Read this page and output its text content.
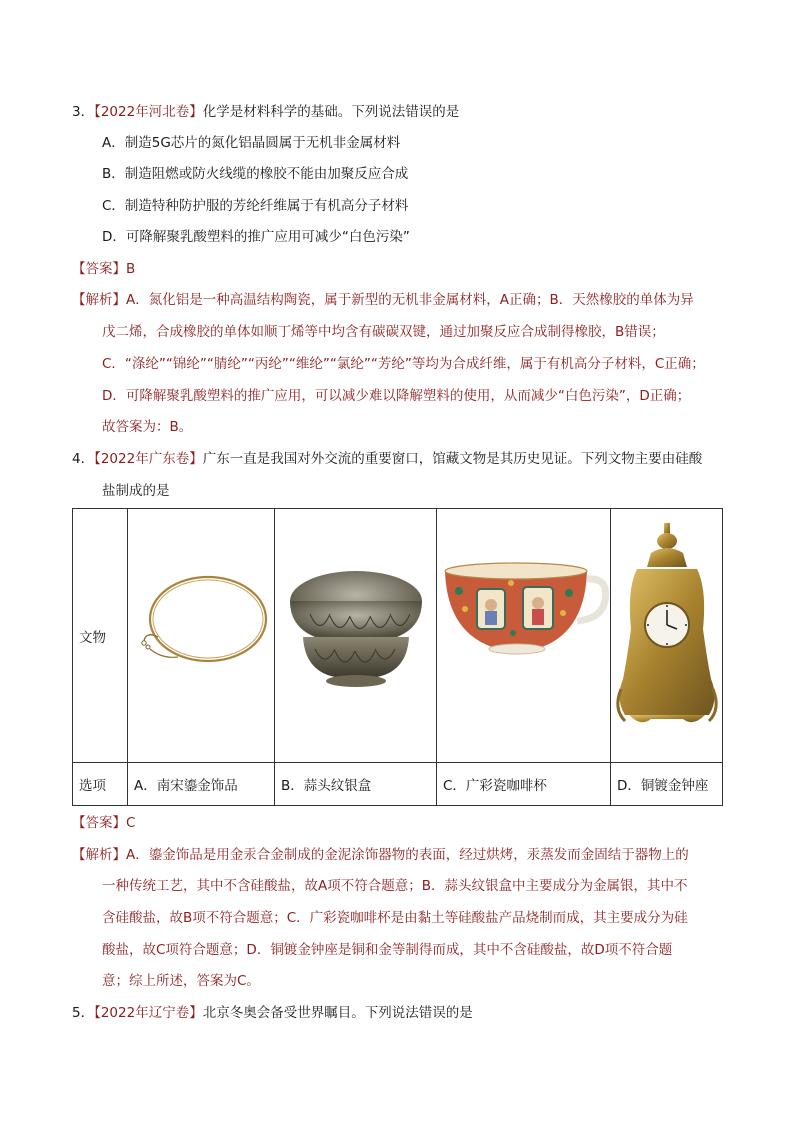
3．【2022年河北卷】化学是材料科学的基础。下列说法错误的是
A．制造5G芯片的氮化铝晶圆属于无机非金属材料
B．制造阻燃或防火线缆的橡胶不能由加聚反应合成
C．制造特种防护服的芳纶纤维属于有机高分子材料
D．可降解聚乳酸塑料的推广应用可减少“白色污染”
【答案】B
【解析】A．氮化铝是一种高温结构陶瓷，属于新型的无机非金属材料，A正确；B．天然橡胶的单体为异
戊二烯，合成橡胶的单体如顺丁烯等中均含有碳碳双键，通过加聚反应合成制得橡胶，B错误；
C．“涤纶”“锦纶”“腈纶”“丙纶”“维纶”“氯纶”“芳纶”等均为合成纤维，属于有机高分子材料，C正确；
D．可降解聚乳酸塑料的推广应用，可以减少难以降解塑料的使用，从而减少“白色污染”，D正确；
故答案为：B。
4．【2022年广东卷】广东一直是我国对外交流的重要窗口，馆藏文物是其历史见证。下列文物主要由硅酸
盐制成的是
文物	

选项	A．南宋鎏金饰品	B．蒜头纹银盒	C．广彩瓷咖啡杯	D．铜镀金钟座
【答案】C
【解析】A．鎏金饰品是用金汞合金制成的金泥涂饰器物的表面，经过烘烤，汞蒸发而金固结于器物上的
一种传统工艺，其中不含硅酸盐，故A项不符合题意；B．蒜头纹银盒中主要成分为金属银，其中不
含硅酸盐，故B项不符合题意；C．广彩瓷咖啡杯是由黏土等硅酸盐产品烧制而成，其主要成分为硅
酸盐，故C项符合题意；D．铜镀金钟座是铜和金等制得而成，其中不含硅酸盐，故D项不符合题
意；综上所述，答案为C。
5．【2022年辽宁卷】北京冬奥会备受世界瞩目。下列说法错误的是
